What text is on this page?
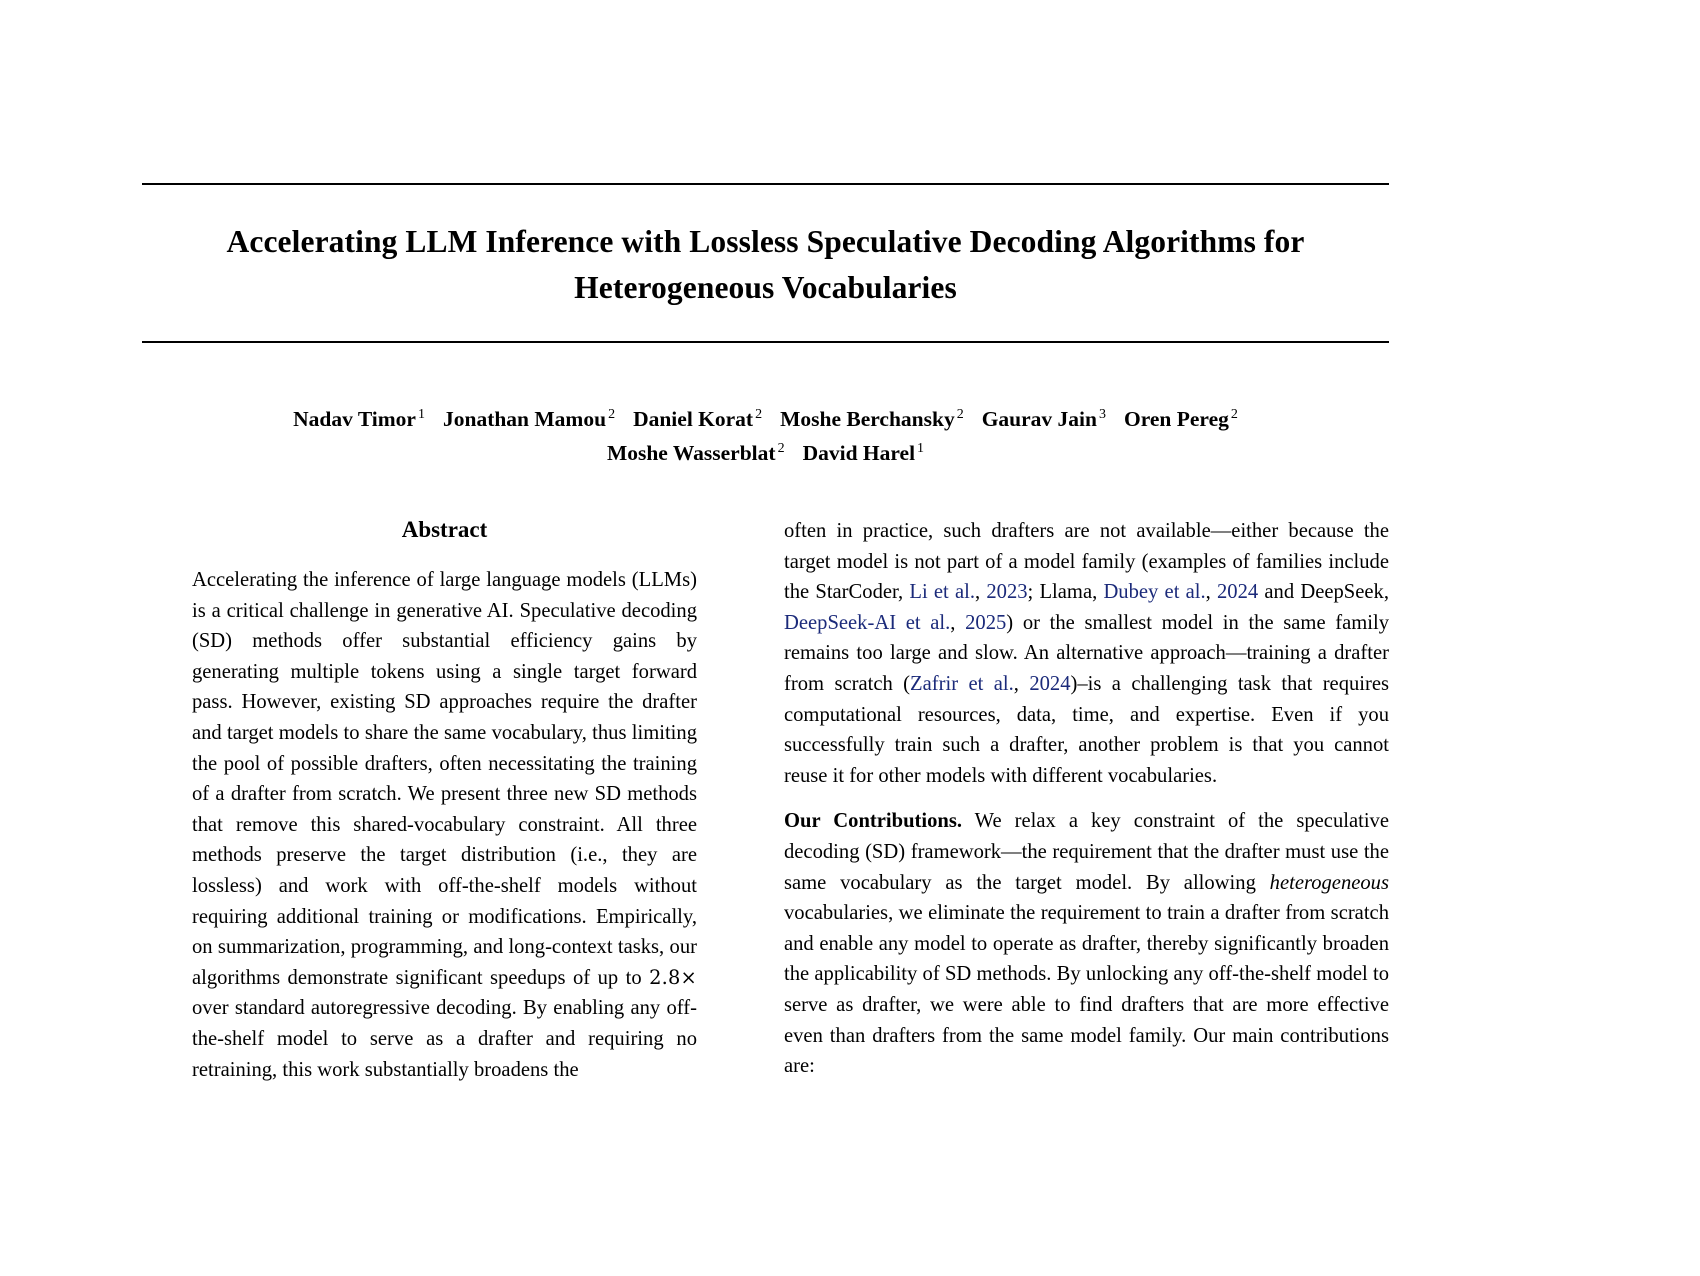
Accelerating LLM Inference with Lossless Speculative Decoding Algorithms for Heterogeneous Vocabularies
Nadav Timor $^1$ Jonathan Mamou $^2$ Daniel Korat $^2$ Moshe Berchansky $^2$ Gaurav Jain $^3$ Oren Pereg $^2$
Moshe Wasserblat $^2$ David Harel $^1$
Abstract

Accelerating the inference of large language models (LLMs) is a critical challenge in generative AI. Speculative decoding (SD) methods offer substantial efficiency gains by generating multiple tokens using a single target forward pass. However, existing SD approaches require the drafter and target models to share the same vocabulary, thus limiting the pool of possible drafters, often necessitating the training of a drafter from scratch. We present three new SD methods that remove this shared-vocabulary constraint. All three methods preserve the target distribution (i.e., they are lossless) and work with off-the-shelf models without requiring additional training or modifications. Empirically, on summarization, programming, and long-context tasks, our algorithms demonstrate significant speedups of up to 2.8× over standard autoregressive decoding. By enabling any off-the-shelf model to serve as a drafter and requiring no retraining, this work substantially broadens the

often in practice, such drafters are not available—either because the target model is not part of a model family (examples of families include the StarCoder, Li et al., 2023; Llama, Dubey et al., 2024 and DeepSeek, DeepSeek-AI et al., 2025) or the smallest model in the same family remains too large and slow. An alternative approach—training a drafter from scratch (Zafrir et al., 2024)–is a challenging task that requires computational resources, data, time, and expertise. Even if you successfully train such a drafter, another problem is that you cannot reuse it for other models with different vocabularies.

Our Contributions. We relax a key constraint of the speculative decoding (SD) framework—the requirement that the drafter must use the same vocabulary as the target model. By allowing heterogeneous vocabularies, we eliminate the requirement to train a drafter from scratch and enable any model to operate as drafter, thereby significantly broaden the applicability of SD methods. By unlocking any off-the-shelf model to serve as drafter, we were able to find drafters that are more effective even than drafters from the same model family. Our main contributions are:
